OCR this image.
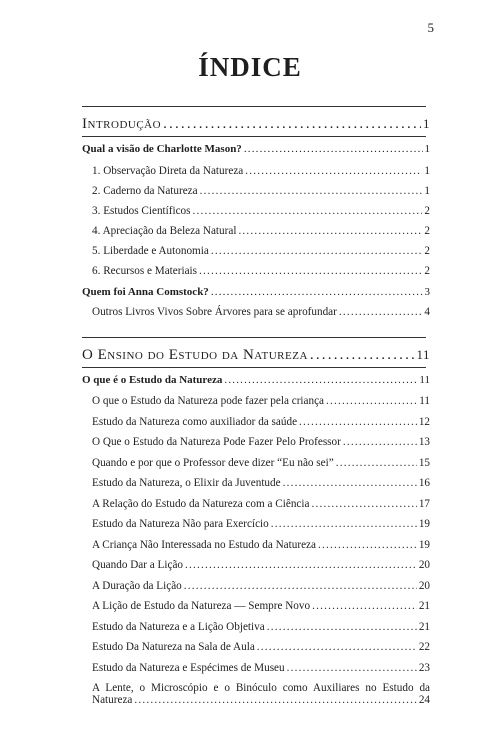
5
ÍNDICE
Introdução .....	1
Qual a visão de Charlotte Mason? .....	1
1. Observação Direta da Natureza .....	1
2. Caderno da Natureza .....	1
3. Estudos Científicos .....	2
4. Apreciação da Beleza Natural .....	2
5. Liberdade e Autonomia .....	2
6. Recursos e Materiais .....	2
Quem foi Anna Comstock? .....	3
Outros Livros Vivos Sobre Árvores para se aprofundar .....	4
O Ensino do Estudo da Natureza .....	11
O que é o Estudo da Natureza .....	11
O que o Estudo da Natureza pode fazer pela criança .....	11
Estudo da Natureza como auxiliador da saúde .....	12
O Que o Estudo da Natureza Pode Fazer Pelo Professor .....	13
Quando e por que o Professor deve dizer “Eu não sei” .....	15
Estudo da Natureza, o Elixir da Juventude .....	16
A Relação do Estudo da Natureza com a Ciência .....	17
Estudo da Natureza Não para Exercício .....	19
A Criança Não Interessada no Estudo da Natureza .....	19
Quando Dar a Lição .....	20
A Duração da Lição .....	20
A Lição de Estudo da Natureza — Sempre Novo .....	21
Estudo da Natureza e a Lição Objetiva .....	21
Estudo Da Natureza na Sala de Aula .....	22
Estudo da Natureza e Espécimes de Museu .....	23
A Lente, o Microscópio e o Binóculo como Auxiliares no Estudo da
Natureza .....	24
